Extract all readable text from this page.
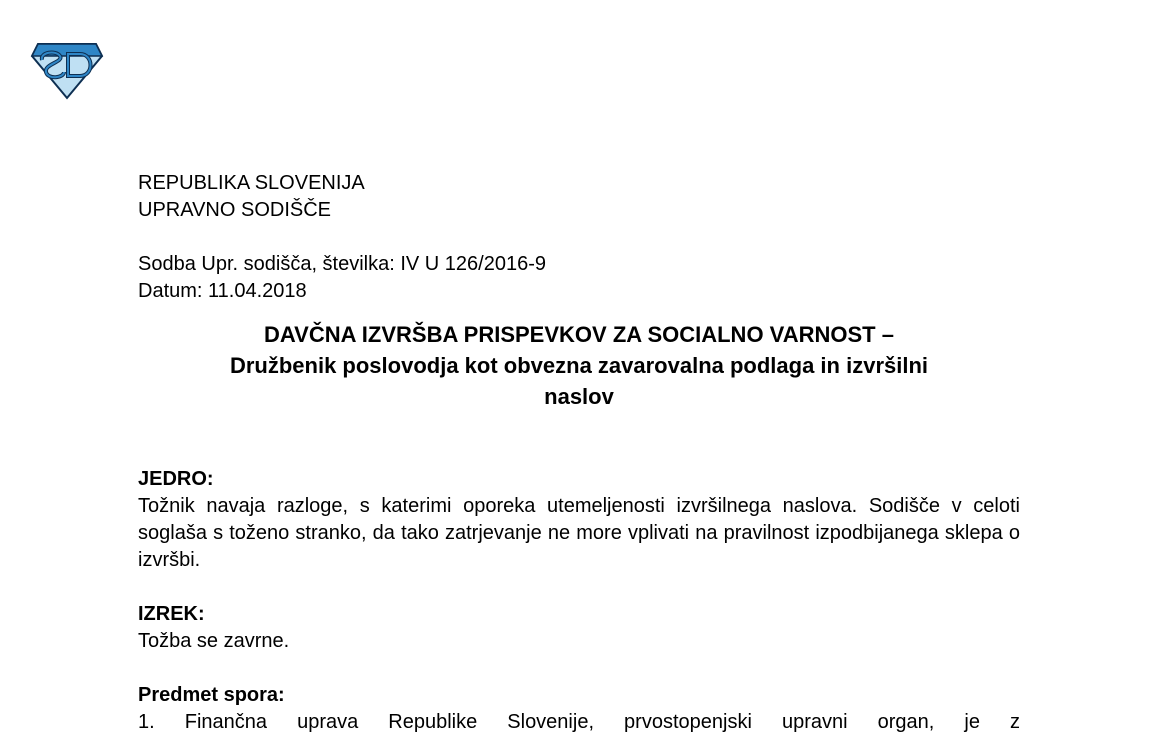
REPUBLIKA SLOVENIJA

UPRAVNO SODIŠČE

Sodba Upr. sodišča, številka: IV U 126/2016-9

Datum: 11.04.2018

DAVČNA IZVRŠBA PRISPEVKOV ZA SOCIALNO VARNOST –
Družbenik poslovodja kot obvezna zavarovalna podlaga in izvršilni
naslov

JEDRO:

Tožnik navaja razloge, s katerimi oporeka utemeljenosti izvršilnega naslova. Sodišče v celoti soglaša s toženo stranko, da tako zatrjevanje ne more vplivati na pravilnost izpodbijanega sklepa o izvršbi.

IZREK:

Tožba se zavrne.

Predmet spora:

1. Finančna uprava Republike Slovenije, prvostopenjski upravni organ, je z
